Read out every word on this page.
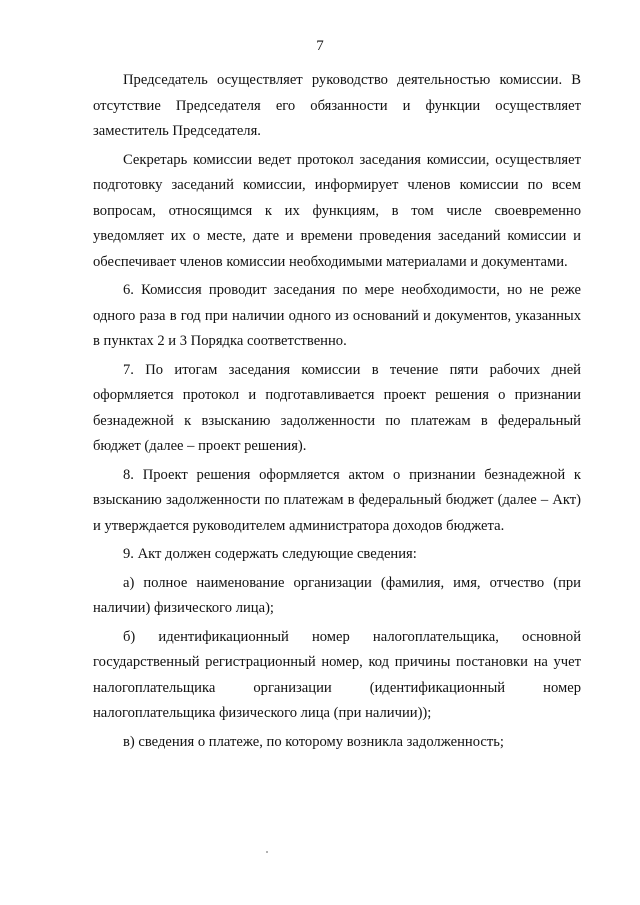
7

Председатель осуществляет руководство деятельностью комиссии. В отсутствие Председателя его обязанности и функции осуществляет заместитель Председателя.

Секретарь комиссии ведет протокол заседания комиссии, осуществляет подготовку заседаний комиссии, информирует членов комиссии по всем вопросам, относящимся к их функциям, в том числе своевременно уведомляет их о месте, дате и времени проведения заседаний комиссии и обеспечивает членов комиссии необходимыми материалами и документами.

6. Комиссия проводит заседания по мере необходимости, но не реже одного раза в год при наличии одного из оснований и документов, указанных в пунктах 2 и 3 Порядка соответственно.

7. По итогам заседания комиссии в течение пяти рабочих дней оформляется протокол и подготавливается проект решения о признании безнадежной к взысканию задолженности по платежам в федеральный бюджет (далее – проект решения).

8. Проект решения оформляется актом о признании безнадежной к взысканию задолженности по платежам в федеральный бюджет (далее – Акт) и утверждается руководителем администратора доходов бюджета.

9. Акт должен содержать следующие сведения:

а) полное наименование организации (фамилия, имя, отчество (при наличии) физического лица);

б) идентификационный номер налогоплательщика, основной государственный регистрационный номер, код причины постановки на учет налогоплательщика организации (идентификационный номер налогоплательщика физического лица (при наличии));

в) сведения о платеже, по которому возникла задолженность;
